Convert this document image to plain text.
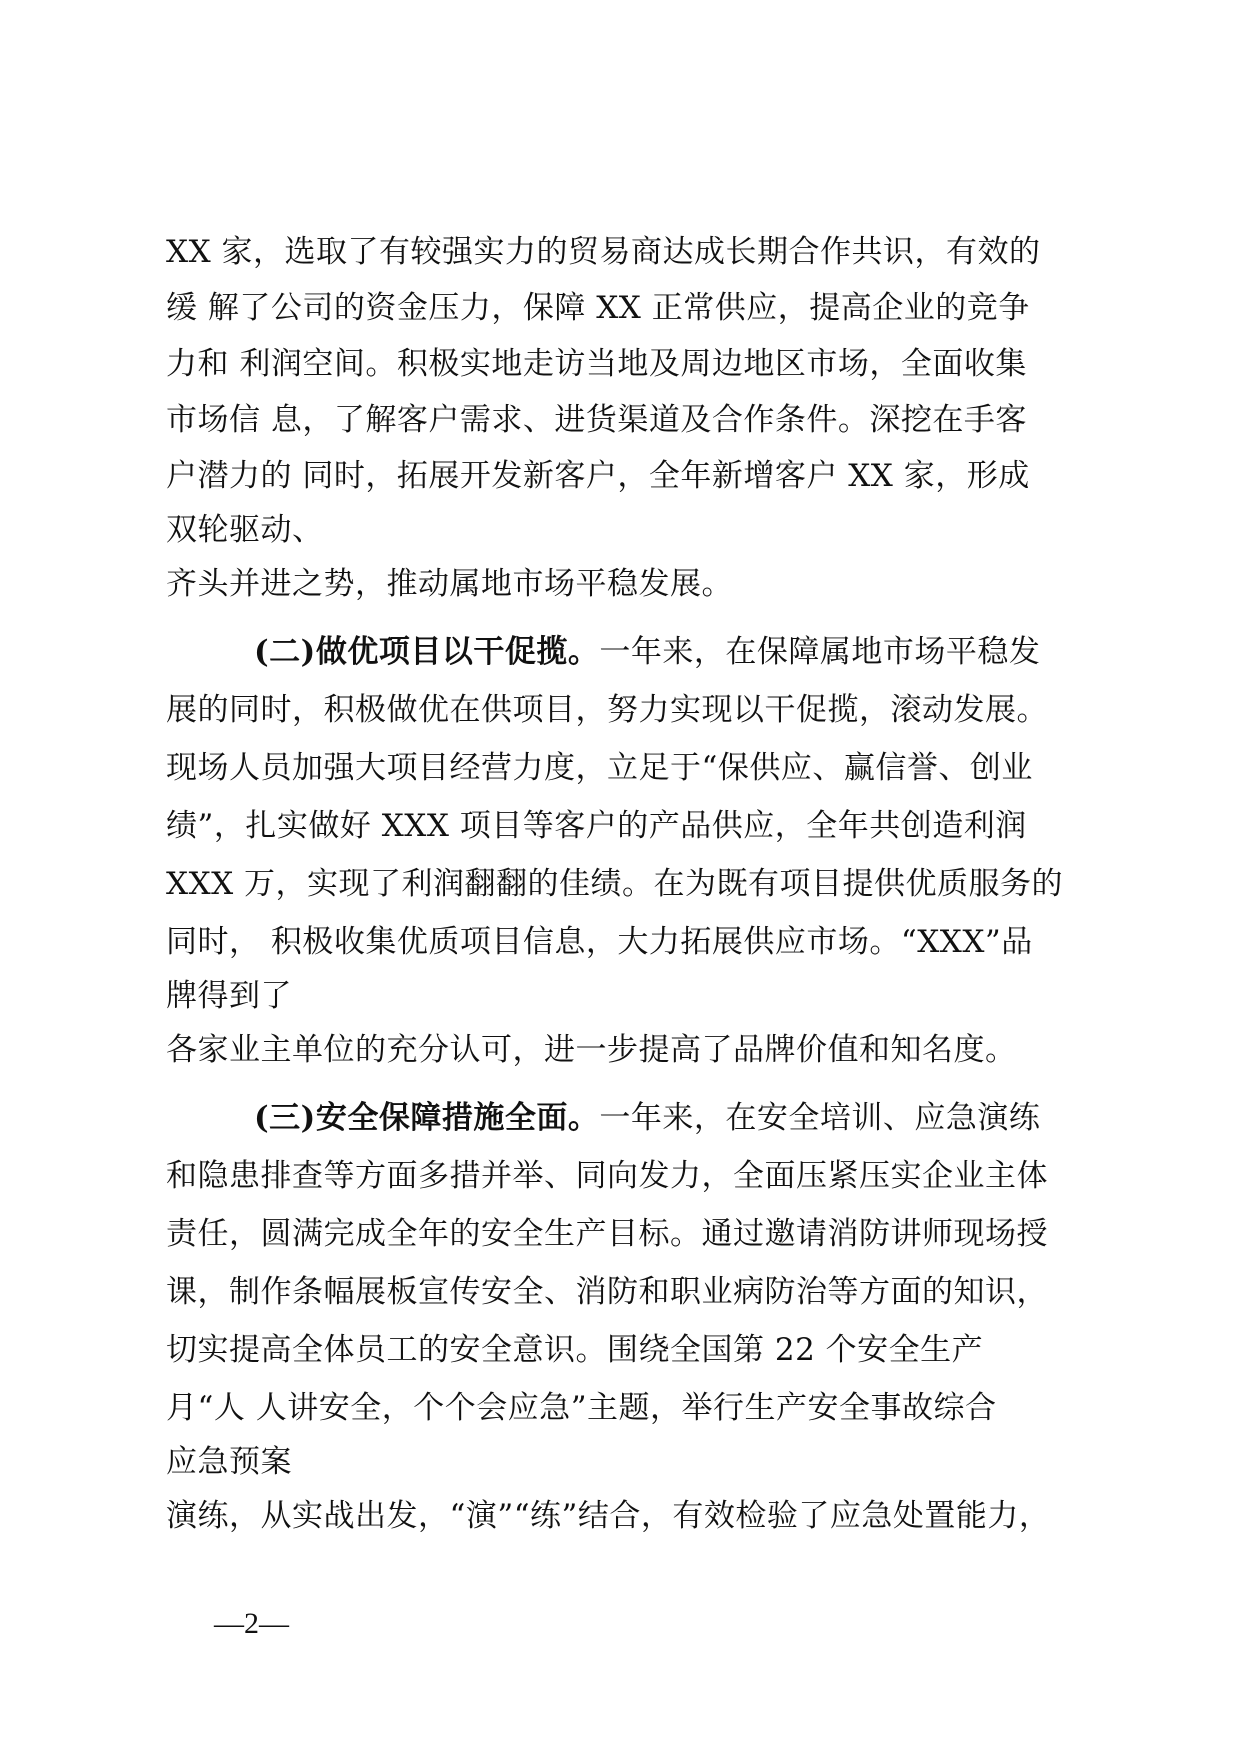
XX 家，选取了有较强实力的贸易商达成长期合作共识，有效的
缓 解了公司的资金压力，保障 XX 正常供应，提高企业的竞争
力和 利润空间。积极实地走访当地及周边地区市场，全面收集
市场信 息，了解客户需求、进货渠道及合作条件。深挖在手客
户潜力的 同时，拓展开发新客户，全年新增客户 XX 家，形成
双轮驱动、
齐头并进之势，推动属地市场平稳发展。
(二)做优项目以干促揽。一年来，在保障属地市场平稳发
展的同时，积极做优在供项目，努力实现以干促揽，滚动发展。
现场人员加强大项目经营力度，立足于“保供应、赢信誉、创业
绩”，扎实做好 XXX 项目等客户的产品供应，全年共创造利润
XXX 万，实现了利润翻翻的佳绩。在为既有项目提供优质服务的
同时， 积极收集优质项目信息，大力拓展供应市场。“XXX”品
牌得到了
各家业主单位的充分认可，进一步提高了品牌价值和知名度。
(三)安全保障措施全面。一年来，在安全培训、应急演练
和隐患排查等方面多措并举、同向发力，全面压紧压实企业主体
责任，圆满完成全年的安全生产目标。通过邀请消防讲师现场授
课，制作条幅展板宣传安全、消防和职业病防治等方面的知识，
切实提高全体员工的安全意识。围绕全国第 22 个安全生产
月“人 人讲安全，个个会应急”主题，举行生产安全事故综合
应急预案
演练，从实战出发，“演”“练”结合，有效检验了应急处置能力，
—2—
